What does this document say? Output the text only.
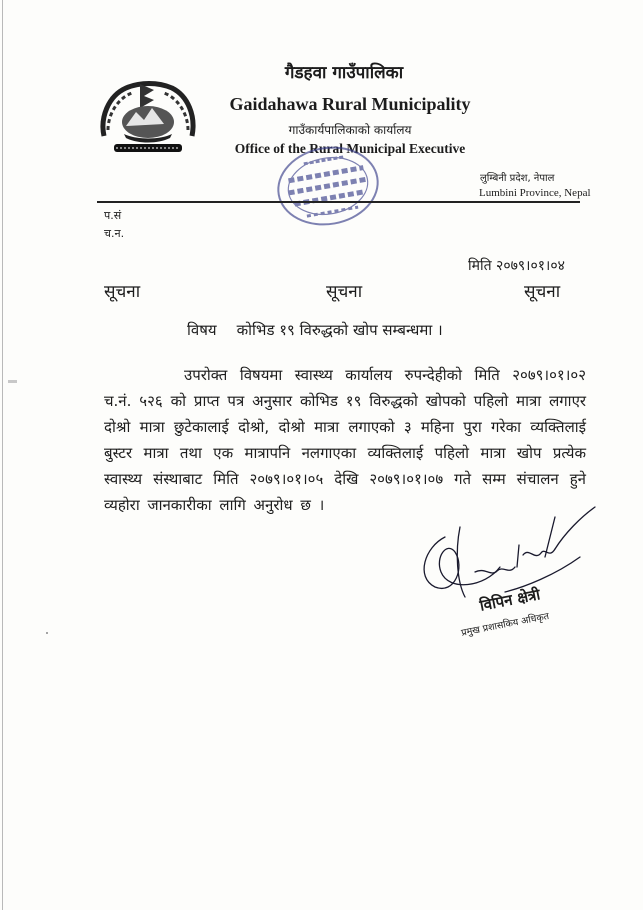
गैडहवा गाउँपालिका
Gaidahawa Rural Municipality
गाउँकार्यपालिकाको कार्यालय
Office of the Rural Municipal Executive
लुम्बिनी प्रदेश, नेपाल
Lumbini Province, Nepal
प.सं
च.न.
मिति २०७९।०१।०४
सूचना	सूचना	सूचना
विषय कोभिड १९ विरुद्धको खोप सम्बन्धमा ।
उपरोक्त विषयमा स्वास्थ्य कार्यालय रुपन्देहीको मिति २०७९।०१।०२ च.नं. ५२६ को प्राप्त पत्र अनुसार कोभिड १९ विरुद्धको खोपको पहिलो मात्रा लगाएर दोश्रो मात्रा छुटेकालाई दोश्रो, दोश्रो मात्रा लगाएको ३ महिना पुरा गरेका व्यक्तिलाई बुस्टर मात्रा तथा एक मात्रापनि नलगाएका व्यक्तिलाई पहिलो मात्रा खोप प्रत्येक स्वास्थ्य संस्थाबाट मिति २०७९।०१।०५ देखि २०७९।०१।०७ गते सम्म संचालन हुने व्यहोरा जानकारीका लागि अनुरोध छ ।
विपिन क्षेत्री
प्रमुख प्रशासकिय अधिकृत
